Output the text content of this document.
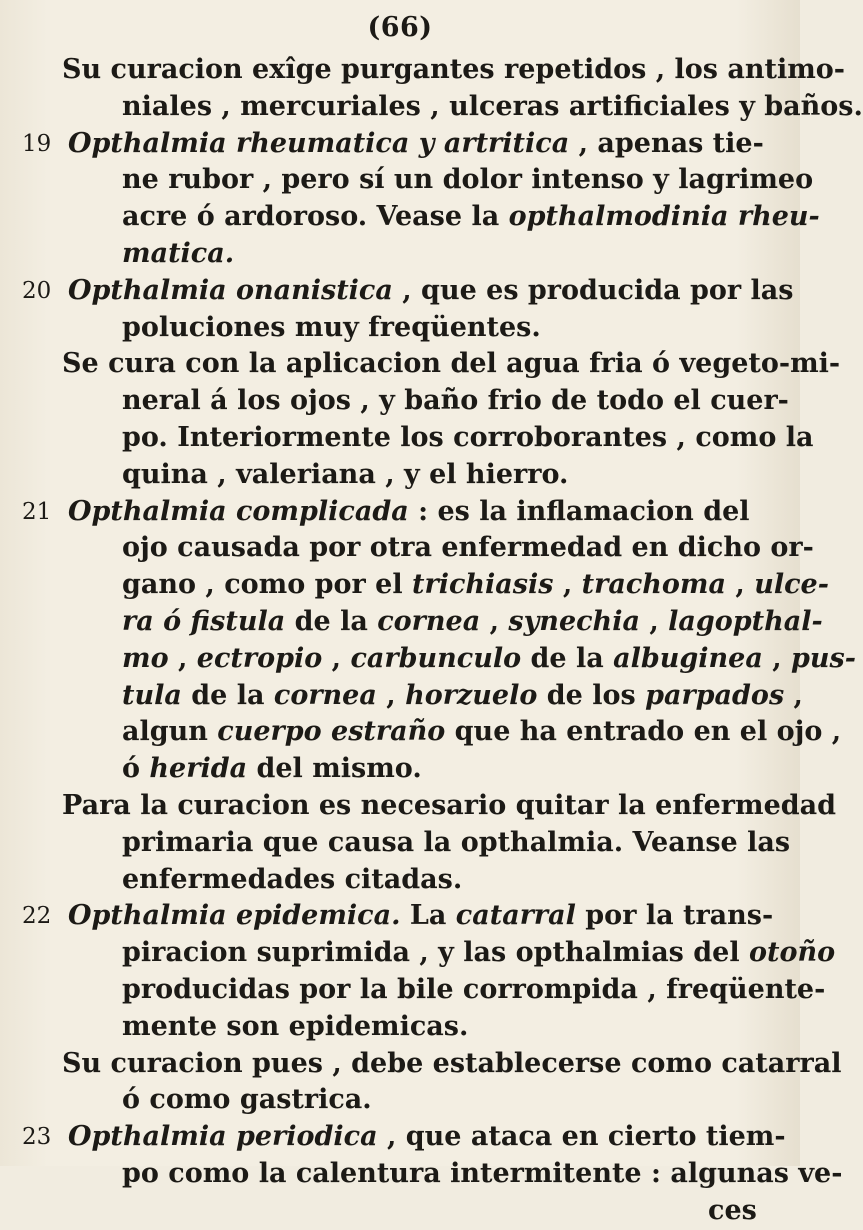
(66)
Su curacion exîge purgantes repetidos , los antimo-
niales , mercuriales , ulceras artificiales y baños.
19 Opthalmia rheumatica y artritica , apenas tie-
ne rubor , pero sí un dolor intenso y lagrimeo
acre ó ardoroso. Vease la opthalmodinia rheu-
matica.
20 Opthalmia onanistica , que es producida por las
poluciones muy freqüentes.
Se cura con la aplicacion del agua fria ó vegeto-mi-
neral á los ojos , y baño frio de todo el cuer-
po. Interiormente los corroborantes , como la
quina , valeriana , y el hierro.
21 Opthalmia complicada : es la inflamacion del
ojo causada por otra enfermedad en dicho or-
gano , como por el trichiasis , trachoma , ulce-
ra ó fistula de la cornea , synechia , lagopthal-
mo , ectropio , carbunculo de la albuginea , pus-
tula de la cornea , horzuelo de los parpados ,
algun cuerpo estraño que ha entrado en el ojo ,
ó herida del mismo.
Para la curacion es necesario quitar la enfermedad
primaria que causa la opthalmia. Veanse las
enfermedades citadas.
22 Opthalmia epidemica. La catarral por la trans-
piracion suprimida , y las opthalmias del otoño
producidas por la bile corrompida , freqüente-
mente son epidemicas.
Su curacion pues , debe establecerse como catarral
ó como gastrica.
23 Opthalmia periodica , que ataca en cierto tiem-
po como la calentura intermitente : algunas ve-
ces
